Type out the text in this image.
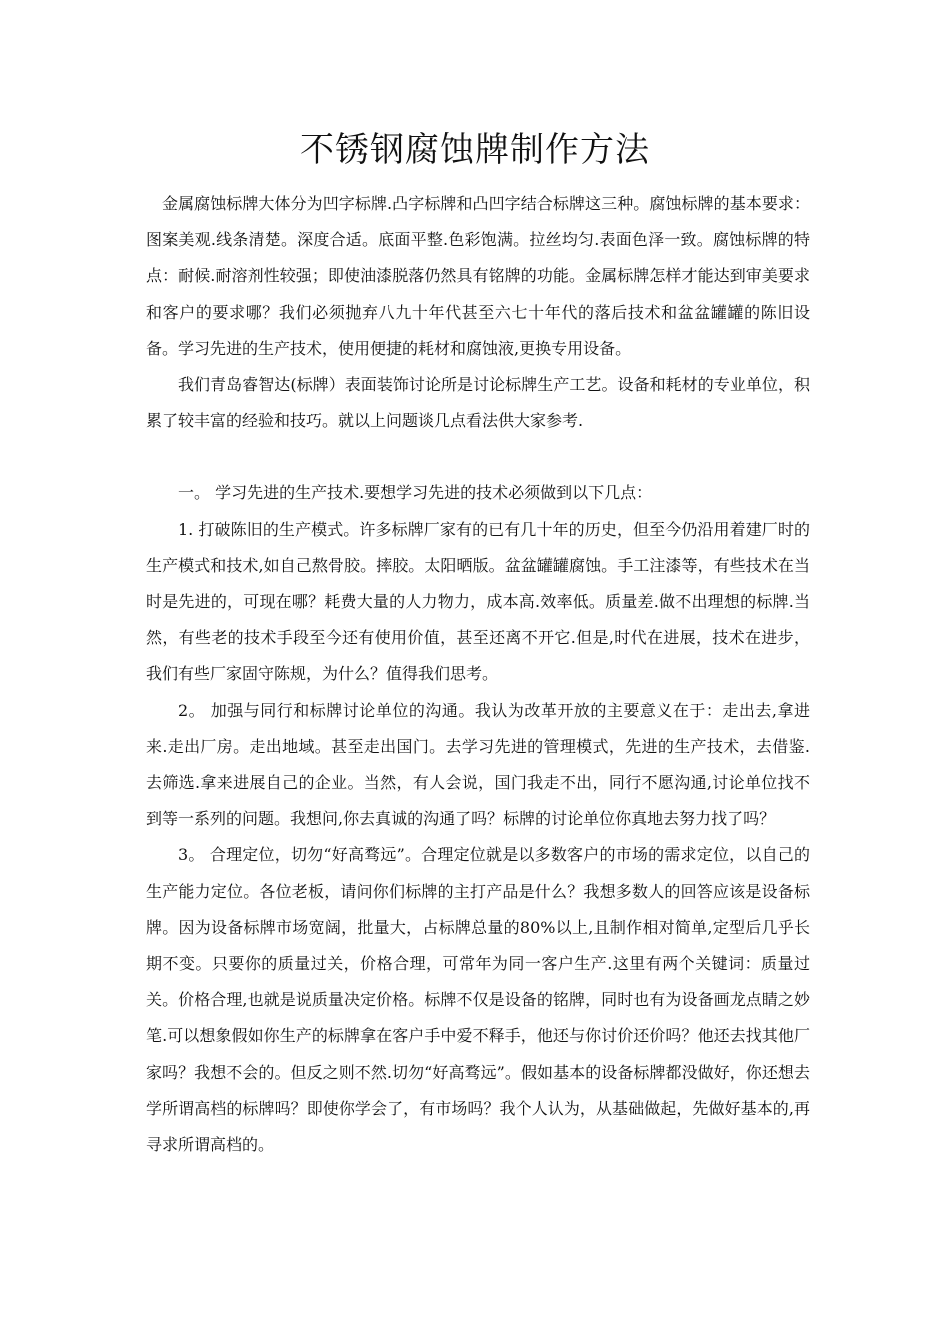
不锈钢腐蚀牌制作方法

金属腐蚀标牌大体分为凹字标牌.凸字标牌和凸凹字结合标牌这三种。腐蚀标牌的基本要求：图案美观.线条清楚。深度合适。底面平整.色彩饱满。拉丝均匀.表面色泽一致。腐蚀标牌的特点：耐候.耐溶剂性较强；即使油漆脱落仍然具有铭牌的功能。金属标牌怎样才能达到审美要求和客户的要求哪？我们必须抛弃八九十年代甚至六七十年代的落后技术和盆盆罐罐的陈旧设备。学习先进的生产技术，使用便捷的耗材和腐蚀液,更换专用设备。

我们青岛睿智达(标牌）表面装饰讨论所是讨论标牌生产工艺。设备和耗材的专业单位，积累了较丰富的经验和技巧。就以上问题谈几点看法供大家参考.

一。 学习先进的生产技术.要想学习先进的技术必须做到以下几点：

1. 打破陈旧的生产模式。许多标牌厂家有的已有几十年的历史，但至今仍沿用着建厂时的生产模式和技术,如自己熬骨胶。摔胶。太阳晒版。盆盆罐罐腐蚀。手工注漆等，有些技术在当时是先进的，可现在哪？耗费大量的人力物力，成本高.效率低。质量差.做不出理想的标牌.当然，有些老的技术手段至今还有使用价值，甚至还离不开它.但是,时代在进展，技术在进步，我们有些厂家固守陈规，为什么？值得我们思考。

2。 加强与同行和标牌讨论单位的沟通。我认为改革开放的主要意义在于：走出去,拿进来.走出厂房。走出地域。甚至走出国门。去学习先进的管理模式，先进的生产技术，去借鉴.去筛选.拿来进展自己的企业。当然，有人会说，国门我走不出，同行不愿沟通,讨论单位找不到等一系列的问题。我想问,你去真诚的沟通了吗？标牌的讨论单位你真地去努力找了吗？

3。 合理定位，切勿“好高骛远”。合理定位就是以多数客户的市场的需求定位，以自己的生产能力定位。各位老板，请问你们标牌的主打产品是什么？我想多数人的回答应该是设备标牌。因为设备标牌市场宽阔，批量大，占标牌总量的80%以上,且制作相对简单,定型后几乎长期不变。只要你的质量过关，价格合理，可常年为同一客户生产.这里有两个关键词：质量过关。价格合理,也就是说质量决定价格。标牌不仅是设备的铭牌，同时也有为设备画龙点睛之妙笔.可以想象假如你生产的标牌拿在客户手中爱不释手，他还与你讨价还价吗？他还去找其他厂家吗？我想不会的。但反之则不然.切勿“好高骛远”。假如基本的设备标牌都没做好，你还想去学所谓高档的标牌吗？即使你学会了，有市场吗？我个人认为，从基础做起，先做好基本的,再寻求所谓高档的。
